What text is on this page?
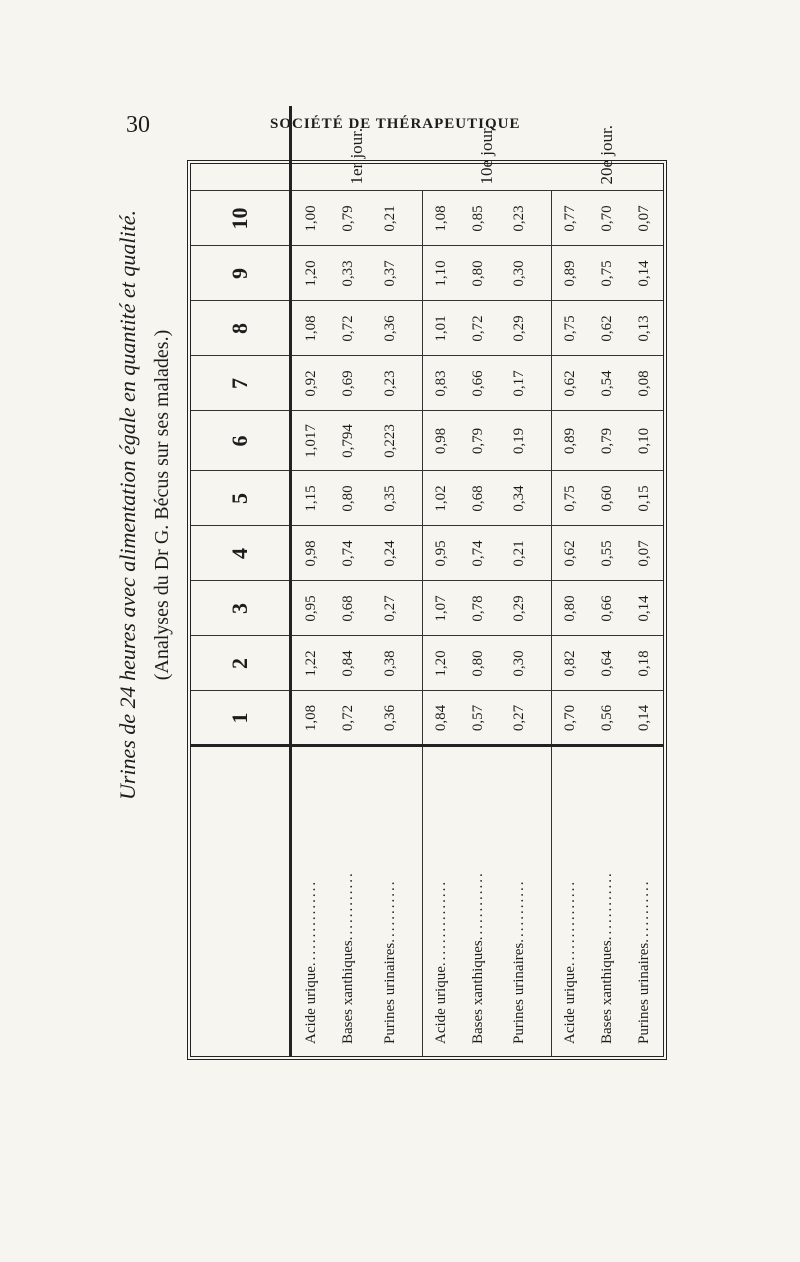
30	SOCIÉTÉ DE THÉRAPEUTIQUE
Urines de 24 heures avec alimentation égale en quantité et qualité. (Analyses du Dr G. Bécus sur ses malades.)
	1	2	3	4	5	6	7	8	9	10	
Acide urique...............	1,08	1,22	0,95	0,98	1,15	1,017	0,92	1,08	1,20	1,00	1er jour.
Bases xanthiques............	0,72	0,84	0,68	0,74	0,80	0,794	0,69	0,72	0,33	0,79	
Purines urinaires...........	0,36	0,38	0,27	0,24	0,35	0,223	0,23	0,36	0,37	0,21	
Acide urique...............	0,84	1,20	1,07	0,95	1,02	0,98	0,83	1,01	1,10	1,08	10e jour.
Bases xanthiques............	0,57	0,80	0,78	0,74	0,68	0,79	0,66	0,72	0,80	0,85	
Purines urinaires...........	0,27	0,30	0,29	0,21	0,34	0,19	0,17	0,29	0,30	0,23	
Acide urique...............	0,70	0,82	0,80	0,62	0,75	0,89	0,62	0,75	0,89	0,77	20e jour.
Bases xanthiques............	0,56	0,64	0,66	0,55	0,60	0,79	0,54	0,62	0,75	0,70	
Purines urinaires...........	0,14	0,18	0,14	0,07	0,15	0,10	0,08	0,13	0,14	0,07	
